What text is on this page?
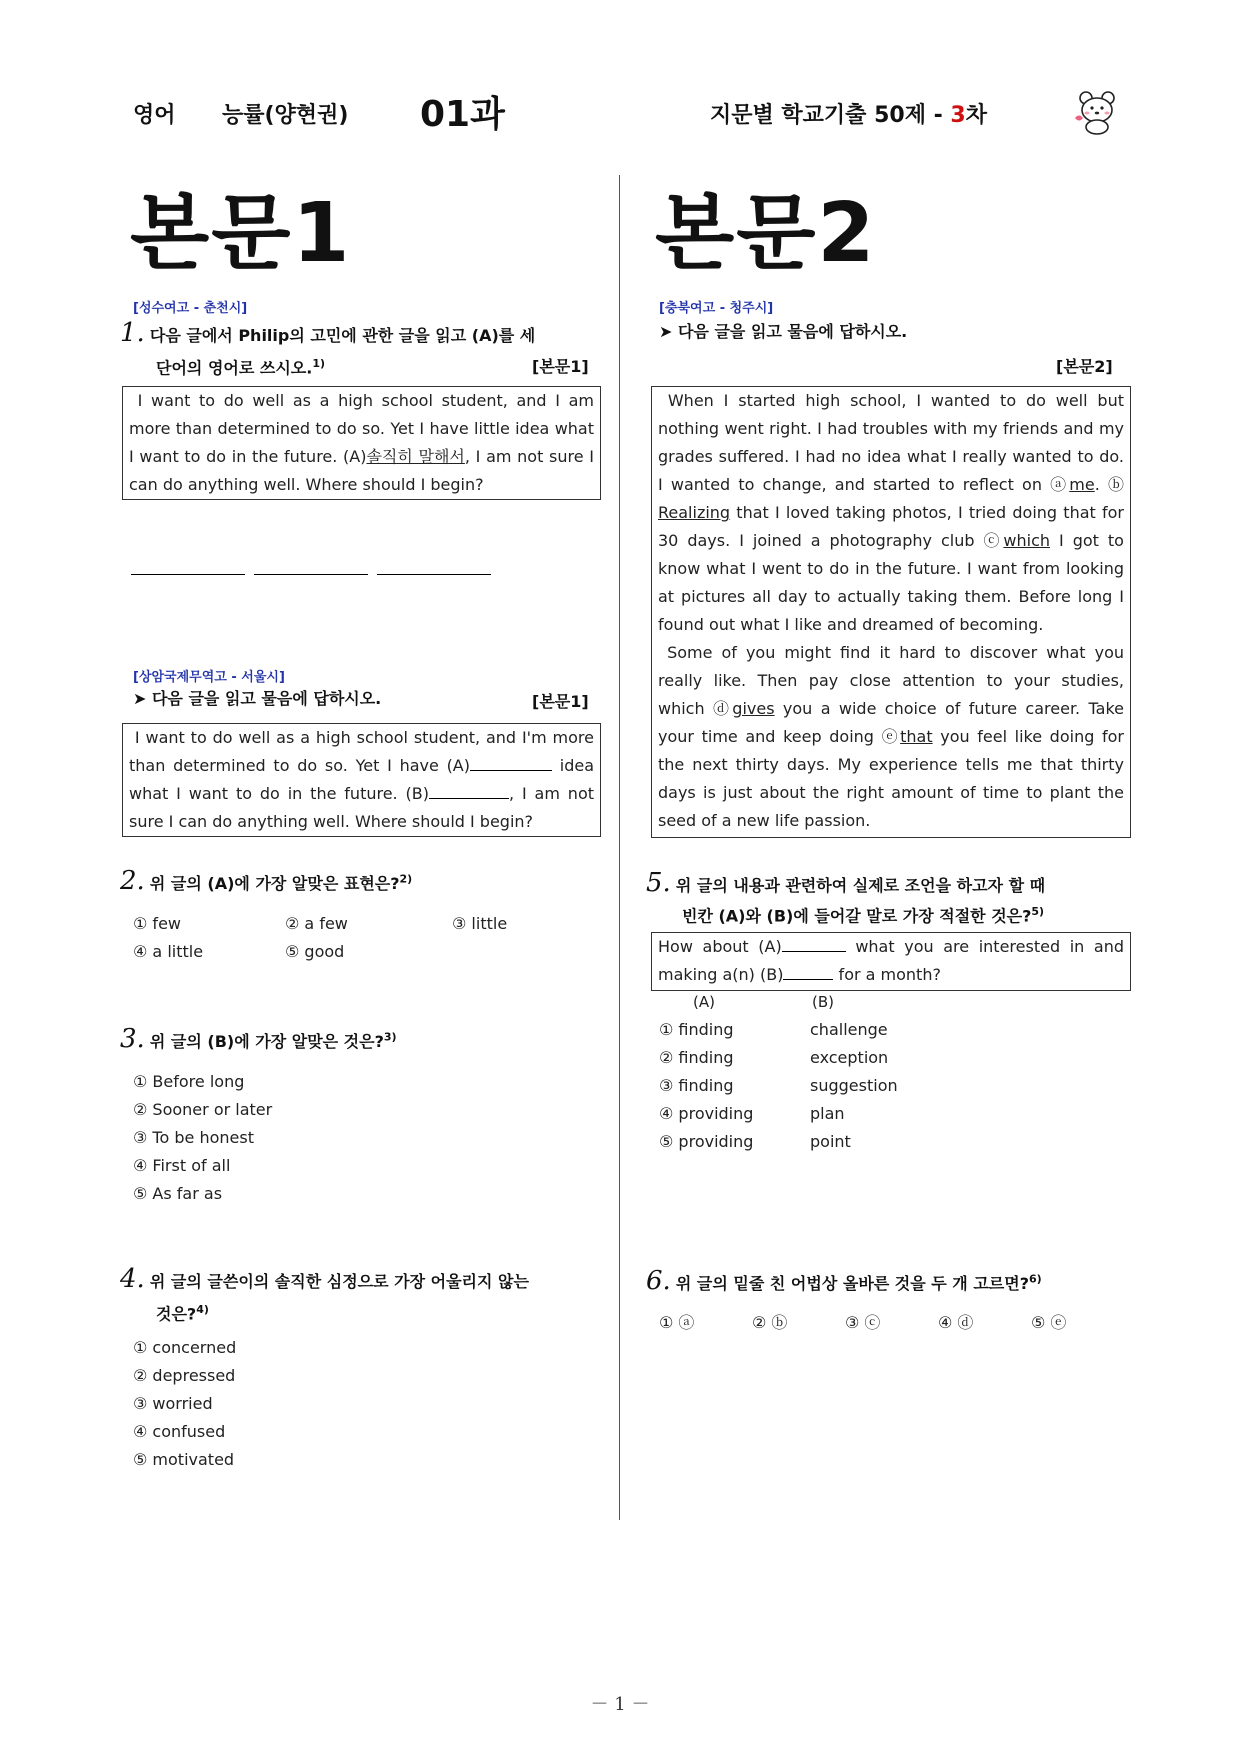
영어 능률(양현권) 01과	지문별 학교기출 50제 - 3차
본문1	본문2
[성수여고 - 춘천시]
1. 다음 글에서 Philip의 고민에 관한 글을 읽고 (A)를 세
단어의 영어로 쓰시오.$^{1)}$	[본문1]
I want to do well as a high school student, and I am more than determined to do so. Yet I have little idea what I want to do in the future. (A)솔직히 말해서, I am not sure I can do anything well. Where should I begin?
[상암국제무역고 - 서울시]
➤ 다음 글을 읽고 물음에 답하시오.	[본문1]
I want to do well as a high school student, and I'm more than determined to do so. Yet I have (A)	idea what I want to do in the future. (B)	, I am not sure I can do anything well. Where should I begin?
2. 위 글의 (A)에 가장 알맞은 표현은?$^{2)}$
① few	② a few	③ little
④ a little	⑤ good
3. 위 글의 (B)에 가장 알맞은 것은?$^{3)}$
① Before long
② Sooner or later
③ To be honest
④ First of all
⑤ As far as
4. 위 글의 글쓴이의 솔직한 심정으로 가장 어울리지 않는
것은?$^{4)}$
① concerned
② depressed
③ worried
④ confused
⑤ motivated
[충북여고 - 청주시]
➤ 다음 글을 읽고 물음에 답하시오.
[본문2]
When I started high school, I wanted to do well but nothing went right. I had troubles with my friends and my grades suffered. I had no idea what I really wanted to do. I wanted to change, and started to reflect on ⓐme. ⓑ Realizing that I loved taking photos, I tried doing that for 30 days. I joined a photography club ⓒwhich I got to know what I went to do in the future. I want from looking at pictures all day to actually taking them. Before long I found out what I like and dreamed of becoming.
Some of you might find it hard to discover what you really like. Then pay close attention to your studies, which ⓓgives you a wide choice of future career. Take your time and keep doing ⓔthat you feel like doing for the next thirty days. My experience tells me that thirty days is just about the right amount of time to plant the seed of a new life passion.
5. 위 글의 내용과 관련하여 실제로 조언을 하고자 할 때
빈칸 (A)와 (B)에 들어갈 말로 가장 적절한 것은?$^{5)}$
How about (A)	what you are interested in and making a(n) (B)	for a month?
(A)	(B)
① finding	challenge
② finding	exception
③ finding	suggestion
④ providing	plan
⑤ providing	point
6. 위 글의 밑줄 친 어법상 올바른 것을 두 개 고르면?$^{6)}$
① ⓐ	② ⓑ	③ ⓒ	④ ⓓ	⑤ ⓔ
－ 1 －
